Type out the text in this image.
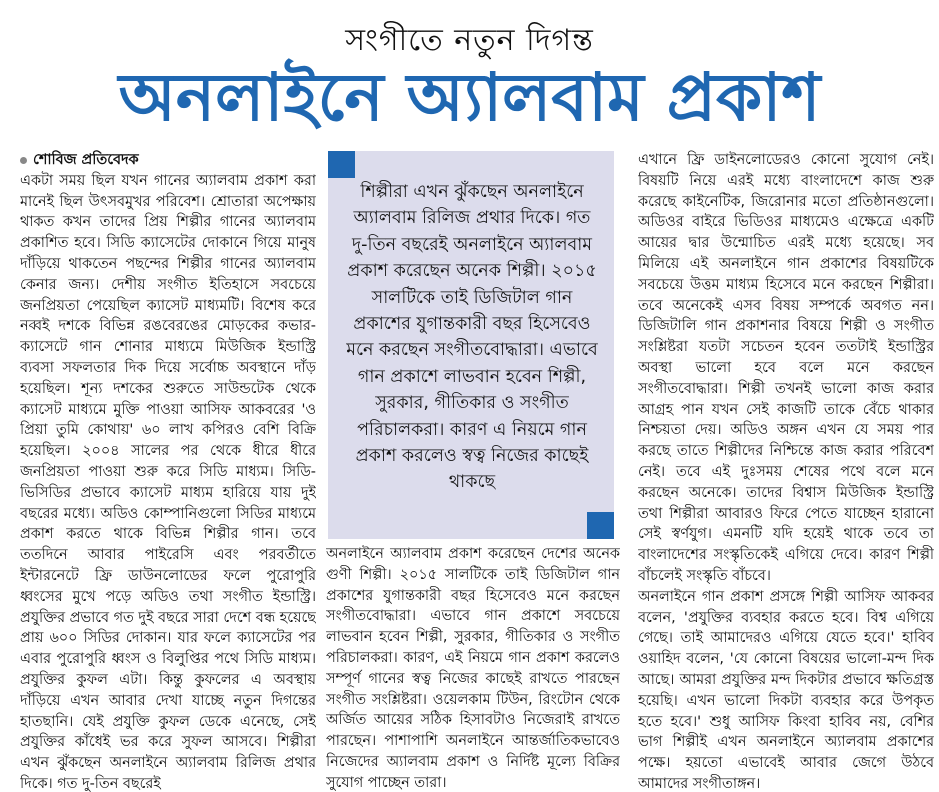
সংগীতে নতুন দিগন্ত
অনলাইনে অ্যালবাম প্রকাশ
শোবিজ প্রতিবেদক

একটা সময় ছিল যখন গানের অ্যালবাম প্রকাশ করা মানেই ছিল উৎসবমুখর পরিবেশ। শ্রোতারা অপেক্ষায় থাকত কখন তাদের প্রিয় শিল্পীর গানের অ্যালবাম প্রকাশিত হবে। সিডি ক্যাসেটের দোকানে গিয়ে মানুষ দাঁড়িয়ে থাকতেন পছন্দের শিল্পীর গানের অ্যালবাম কেনার জন্য। দেশীয় সংগীত ইতিহাসে সবচেয়ে জনপ্রিয়তা পেয়েছিল ক্যাসেট মাধ্যমটি। বিশেষ করে নব্বই দশকে বিভিন্ন রঙবেরঙের মোড়কের কভার-ক্যাসেটে গান শোনার মাধ্যমে মিউজিক ইন্ডাস্ট্রি ব্যবসা সফলতার দিক দিয়ে সর্বোচ্চ অবস্থানে দাঁড় হয়েছিল। শূন্য দশকের শুরুতে সাউন্ডটেক থেকে ক্যাসেট মাধ্যমে মুক্তি পাওয়া আসিফ আকবরের 'ও প্রিয়া তুমি কোথায়' ৬০ লাখ কপিরও বেশি বিক্রি হয়েছিল। ২০০৪ সালের পর থেকে ধীরে ধীরে জনপ্রিয়তা পাওয়া শুরু করে সিডি মাধ্যম। সিডি-ভিসিডির প্রভাবে ক্যাসেট মাধ্যম হারিয়ে যায় দুই বছরের মধ্যে। অডিও কোম্পানিগুলো সিডির মাধ্যমে প্রকাশ করতে থাকে বিভিন্ন শিল্পীর গান। তবে ততদিনে আবার পাইরেসি এবং পরবর্তীতে ইন্টারনেটে ফ্রি ডাউনলোডের ফলে পুরোপুরি ধ্বংসের মুখে পড়ে অডিও তথা সংগীত ইন্ডাস্ট্রি। প্রযুক্তির প্রভাবে গত দুই বছরে সারা দেশে বন্ধ হয়েছে প্রায় ৬০০ সিডির দোকান। যার ফলে ক্যাসেটের পর এবার পুরোপুরি ধ্বংস ও বিলুপ্তির পথে সিডি মাধ্যম। প্রযুক্তির কুফল এটা। কিন্তু কুফলের এ অবস্থায় দাঁড়িয়ে এখন আবার দেখা যাচ্ছে নতুন দিগন্তের হাতছানি। যেই প্রযুক্তি কুফল ডেকে এনেছে, সেই প্রযুক্তির কাঁধেই ভর করে সুফল আসবে। শিল্পীরা এখন ঝুঁকছেন অনলাইনে অ্যালবাম রিলিজ প্রথার দিকে। গত দু-তিন বছরেই

শিল্পীরা এখন ঝুঁকছেন অনলাইনে অ্যালবাম রিলিজ প্রথার দিকে। গত দু-তিন বছরেই অনলাইনে অ্যালবাম প্রকাশ করেছেন অনেক শিল্পী। ২০১৫ সালটিকে তাই ডিজিটাল গান প্রকাশের যুগান্তকারী বছর হিসেবেও মনে করছেন সংগীতবোদ্ধারা। এভাবে গান প্রকাশে লাভবান হবেন শিল্পী, সুরকার, গীতিকার ও সংগীত পরিচালকরা। কারণ এ নিয়মে গান প্রকাশ করলেও স্বত্ব নিজের কাছেই থাকছে

অনলাইনে অ্যালবাম প্রকাশ করেছেন দেশের অনেক গুণী শিল্পী। ২০১৫ সালটিকে তাই ডিজিটাল গান প্রকাশের যুগান্তকারী বছর হিসেবেও মনে করছেন সংগীতবোদ্ধারা। এভাবে গান প্রকাশে সবচেয়ে লাভবান হবেন শিল্পী, সুরকার, গীতিকার ও সংগীত পরিচালকরা। কারণ, এই নিয়মে গান প্রকাশ করলেও সম্পূর্ণ গানের স্বত্ব নিজের কাছেই রাখতে পারছেন সংগীত সংশ্লিষ্টরা। ওয়েলকাম টিউন, রিংটোন থেকে অর্জিত আয়ের সঠিক হিসাবটাও নিজেরাই রাখতে পারছেন। পাশাপাশি অনলাইনে আন্তর্জাতিকভাবেও নিজেদের অ্যালবাম প্রকাশ ও নির্দিষ্ট মূল্যে বিক্রির সুযোগ পাচ্ছেন তারা।

এখানে ফ্রি ডাইনলোডেরও কোনো সুযোগ নেই। বিষয়টি নিয়ে এরই মধ্যে বাংলাদেশে কাজ শুরু করেছে কাইনেটিক, জিরোনার মতো প্রতিষ্ঠানগুলো। অডিওর বাইরে ভিডিওর মাধ্যমেও এক্ষেত্রে একটি আয়ের দ্বার উন্মোচিত এরই মধ্যে হয়েছে। সব মিলিয়ে এই অনলাইনে গান প্রকাশের বিষয়টিকে সবচেয়ে উত্তম মাধ্যম হিসেবে মনে করছেন শিল্পীরা। তবে অনেকেই এসব বিষয় সম্পর্কে অবগত নন। ডিজিটালি গান প্রকাশনার বিষয়ে শিল্পী ও সংগীত সংশ্লিষ্টরা যতটা সচেতন হবেন ততটাই ইন্ডাস্ট্রির অবস্থা ভালো হবে বলে মনে করছেন সংগীতবোদ্ধারা। শিল্পী তখনই ভালো কাজ করার আগ্রহ পান যখন সেই কাজটি তাকে বেঁচে থাকার নিশ্চয়তা দেয়। অডিও অঙ্গন এখন যে সময় পার করছে তাতে শিল্পীদের নিশ্চিন্তে কাজ করার পরিবেশ নেই। তবে এই দুঃসময় শেষের পথে বলে মনে করছেন অনেকে। তাদের বিশ্বাস মিউজিক ইন্ডাস্ট্রি তথা শিল্পীরা আবারও ফিরে পেতে যাচ্ছেন হারানো সেই স্বর্ণযুগ। এমনটি যদি হয়েই থাকে তবে তা বাংলাদেশের সংস্কৃতিকেই এগিয়ে দেবে। কারণ শিল্পী বাঁচলেই সংস্কৃতি বাঁচবে।

অনলাইনে গান প্রকাশ প্রসঙ্গে শিল্পী আসিফ আকবর বলেন, 'প্রযুক্তির ব্যবহার করতে হবে। বিশ্ব এগিয়ে গেছে। তাই আমাদেরও এগিয়ে যেতে হবে।' হাবিব ওয়াহিদ বলেন, 'যে কোনো বিষয়ের ভালো-মন্দ দিক আছে। আমরা প্রযুক্তির মন্দ দিকটার প্রভাবে ক্ষতিগ্রস্ত হয়েছি। এখন ভালো দিকটা ব্যবহার করে উপকৃত হতে হবে।' শুধু আসিফ কিংবা হাবিব নয়, বেশির ভাগ শিল্পীই এখন অনলাইনে অ্যালবাম প্রকাশের পক্ষে। হয়তো এভাবেই আবার জেগে উঠবে আমাদের সংগীতাঙ্গন।
